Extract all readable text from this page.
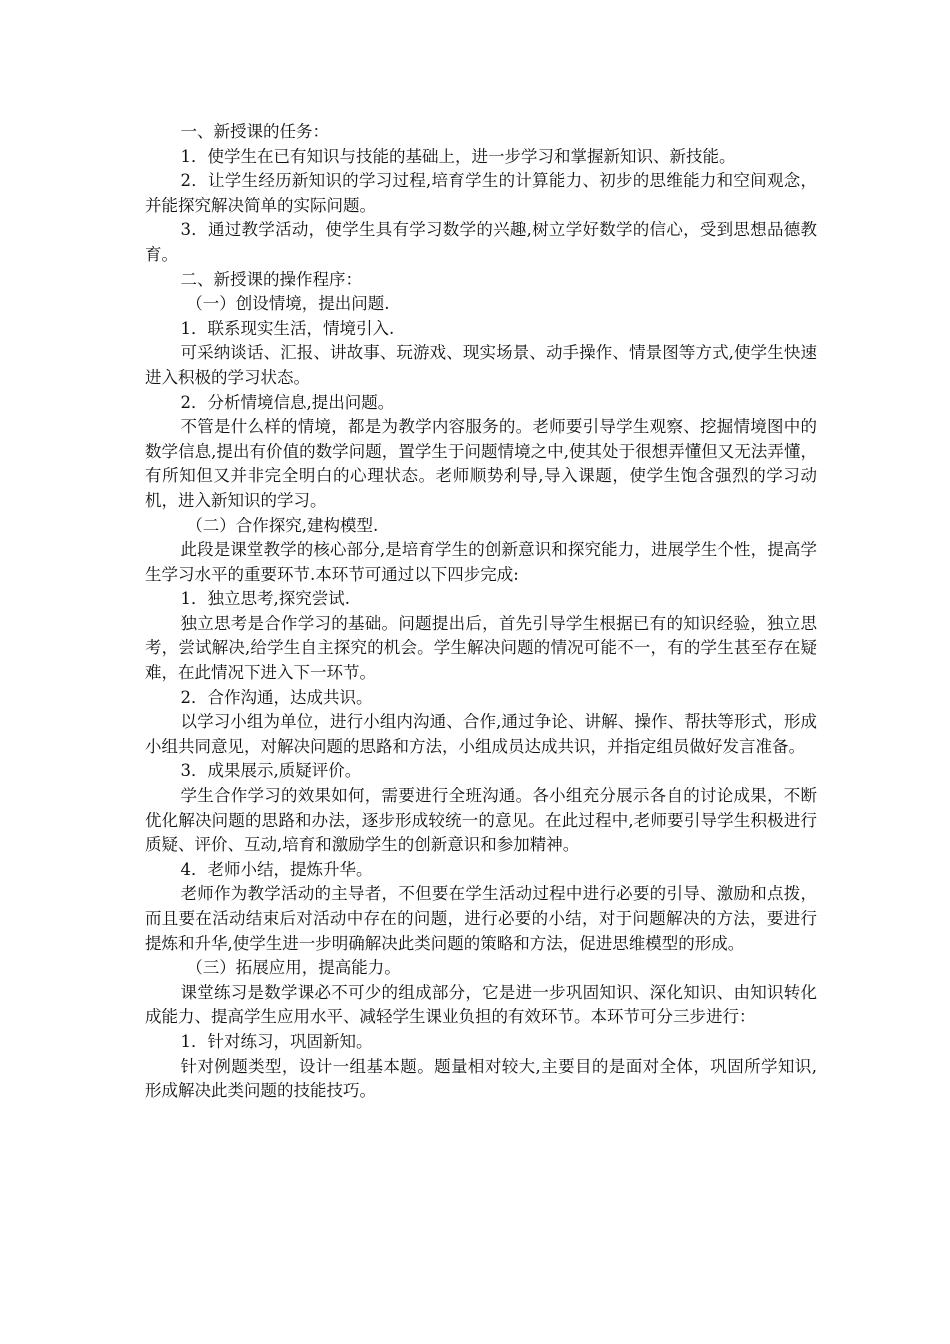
一、新授课的任务：

1．使学生在已有知识与技能的基础上，进一步学习和掌握新知识、新技能。

2．让学生经历新知识的学习过程,培育学生的计算能力、初步的思维能力和空间观念，并能探究解决简单的实际问题。

3．通过教学活动，使学生具有学习数学的兴趣,树立学好数学的信心，受到思想品德教育。

二、新授课的操作程序：

（一）创设情境，提出问题.

1．联系现实生活，情境引入.

可采纳谈话、汇报、讲故事、玩游戏、现实场景、动手操作、情景图等方式,使学生快速进入积极的学习状态。

2．分析情境信息,提出问题。

不管是什么样的情境，都是为教学内容服务的。老师要引导学生观察、挖掘情境图中的数学信息,提出有价值的数学问题，置学生于问题情境之中,使其处于很想弄懂但又无法弄懂，有所知但又并非完全明白的心理状态。老师顺势利导,导入课题，使学生饱含强烈的学习动机，进入新知识的学习。

（二）合作探究,建构模型.

此段是课堂教学的核心部分,是培育学生的创新意识和探究能力，进展学生个性，提高学生学习水平的重要环节.本环节可通过以下四步完成:

1．独立思考,探究尝试.

独立思考是合作学习的基础。问题提出后，首先引导学生根据已有的知识经验，独立思考，尝试解决,给学生自主探究的机会。学生解决问题的情况可能不一，有的学生甚至存在疑难，在此情况下进入下一环节。

2．合作沟通，达成共识。

以学习小组为单位，进行小组内沟通、合作,通过争论、讲解、操作、帮扶等形式，形成小组共同意见，对解决问题的思路和方法，小组成员达成共识，并指定组员做好发言准备。

3．成果展示,质疑评价。

学生合作学习的效果如何，需要进行全班沟通。各小组充分展示各自的讨论成果，不断优化解决问题的思路和办法，逐步形成较统一的意见。在此过程中,老师要引导学生积极进行质疑、评价、互动,培育和激励学生的创新意识和参加精神。

4．老师小结，提炼升华。

老师作为教学活动的主导者，不但要在学生活动过程中进行必要的引导、激励和点拨，而且要在活动结束后对活动中存在的问题，进行必要的小结，对于问题解决的方法，要进行提炼和升华,使学生进一步明确解决此类问题的策略和方法，促进思维模型的形成。

（三）拓展应用，提高能力。

课堂练习是数学课必不可少的组成部分，它是进一步巩固知识、深化知识、由知识转化成能力、提高学生应用水平、减轻学生课业负担的有效环节。本环节可分三步进行：

1．针对练习，巩固新知。

针对例题类型，设计一组基本题。题量相对较大,主要目的是面对全体，巩固所学知识,形成解决此类问题的技能技巧。
